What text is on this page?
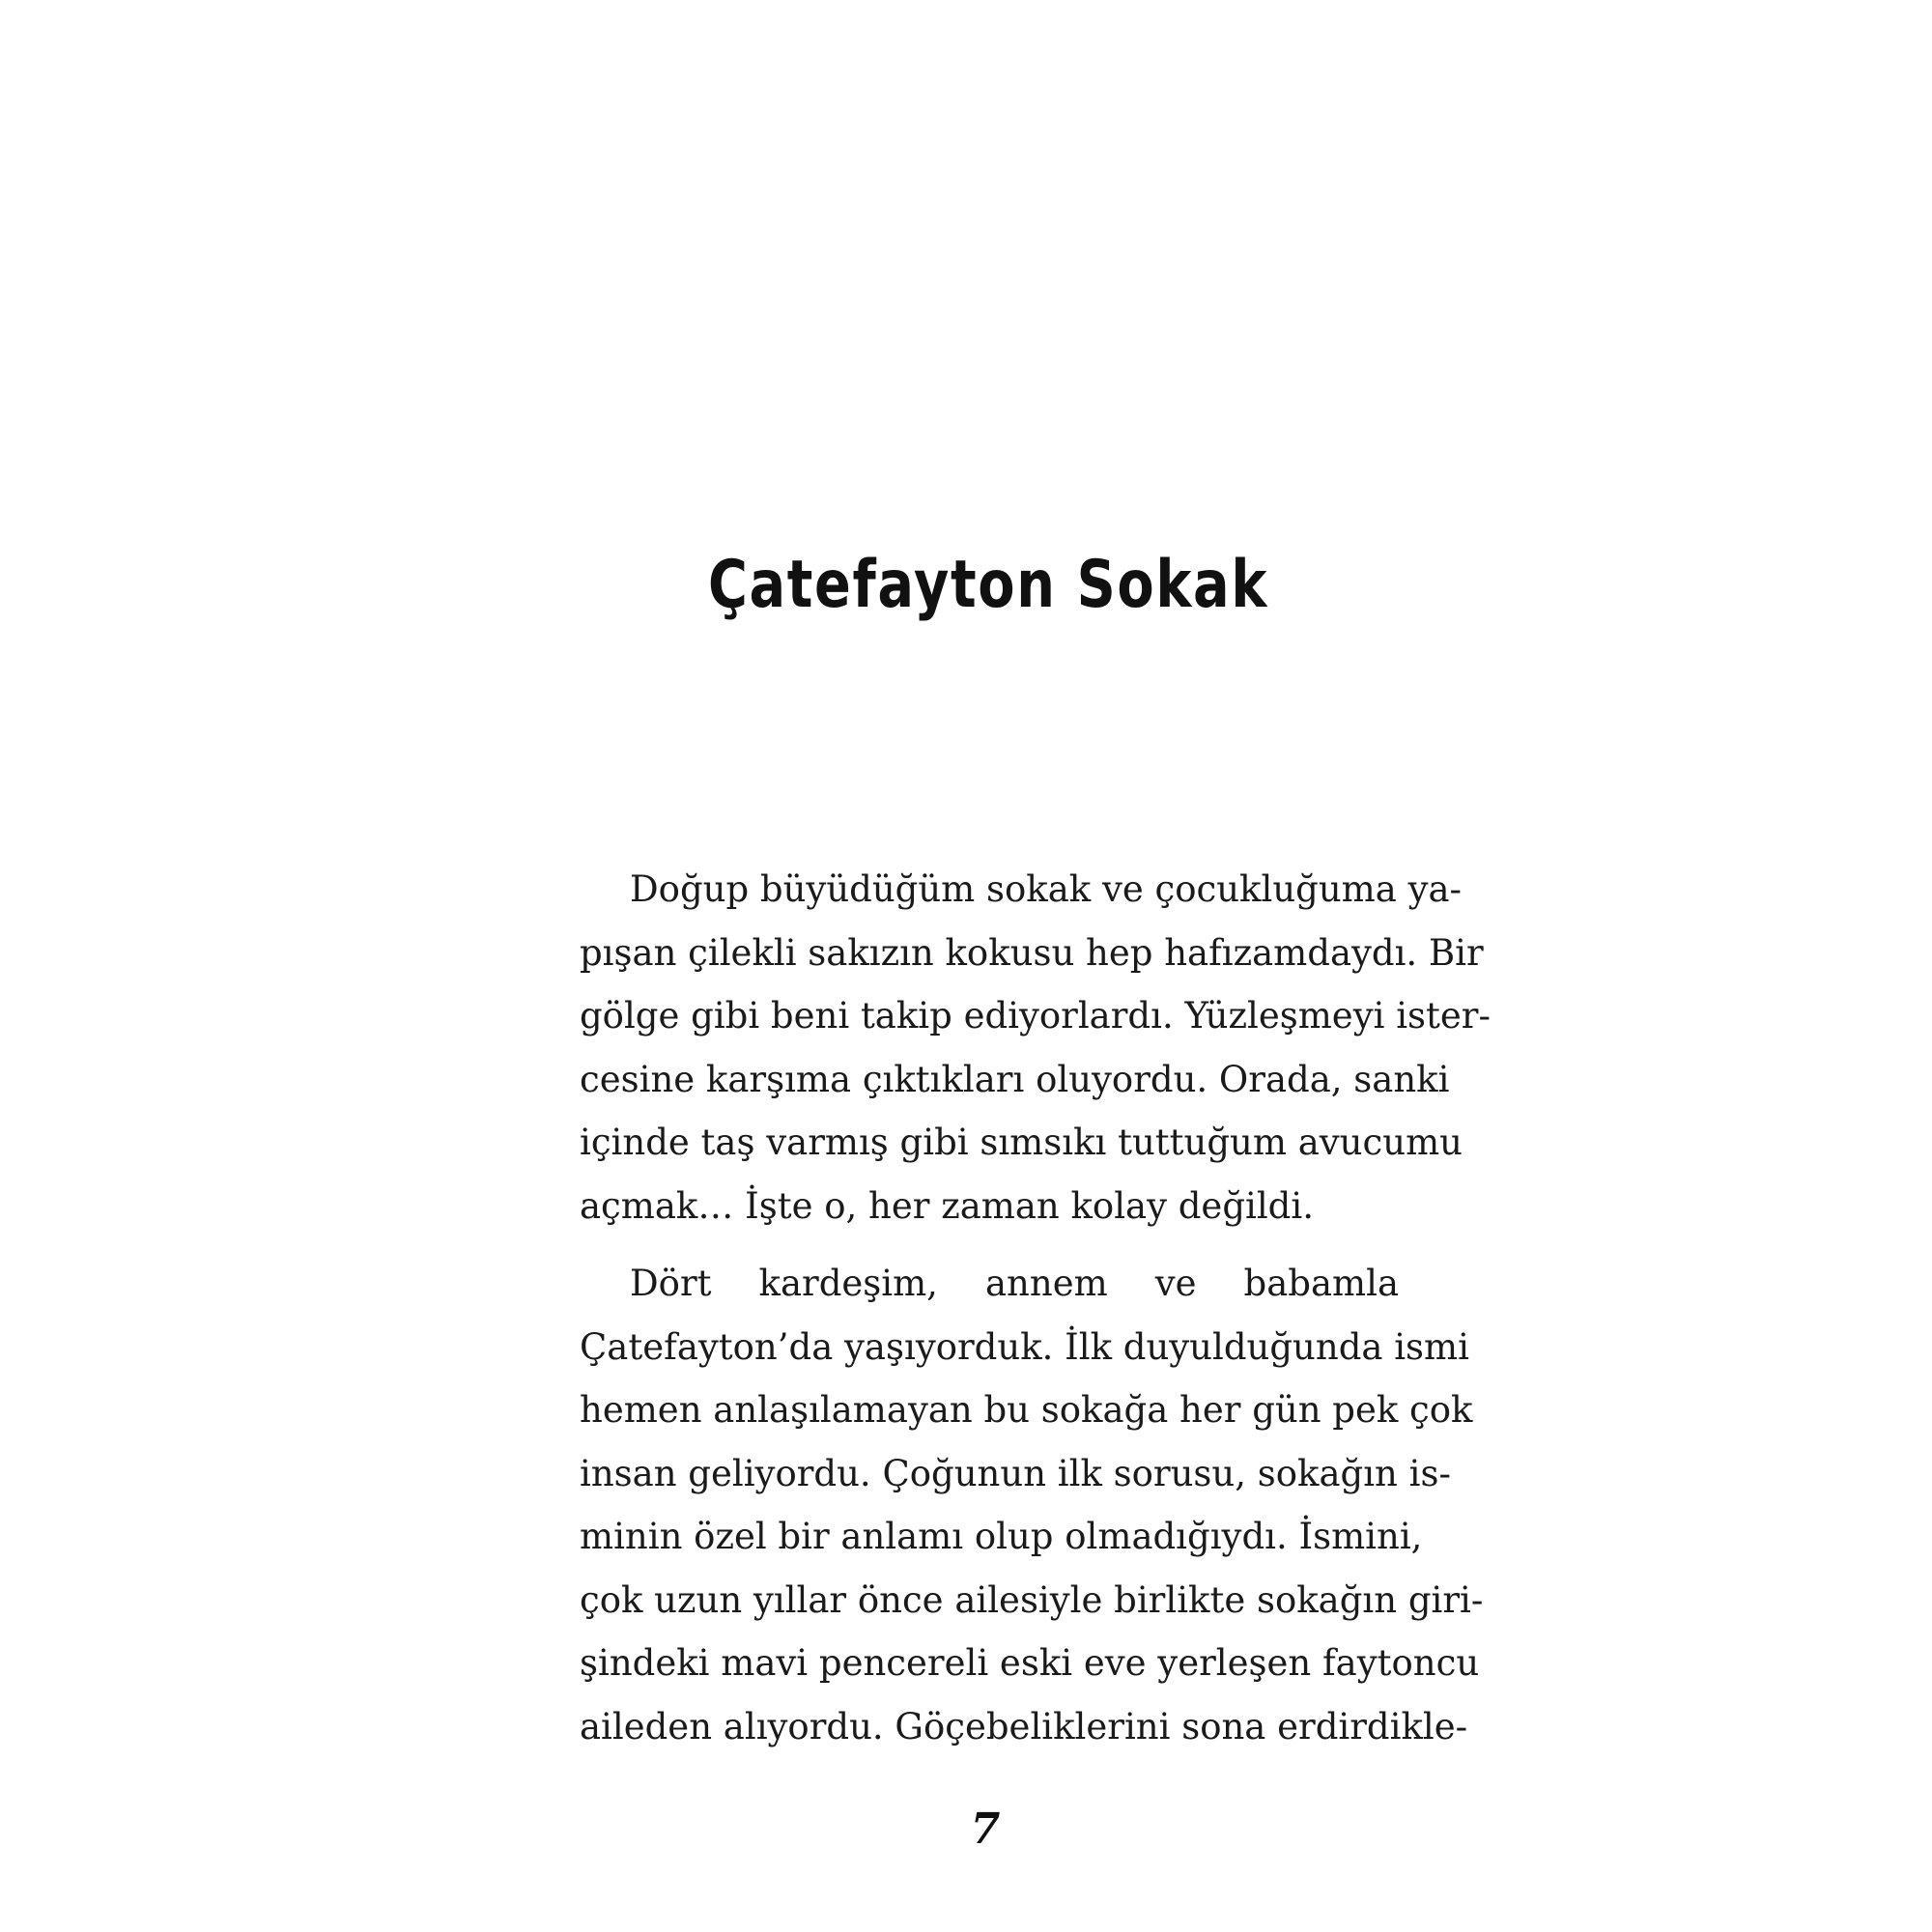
Çatefayton Sokak

Doğup büyüdüğüm sokak ve çocukluğuma ya-
pışan çilekli sakızın kokusu hep hafızamdaydı. Bir
gölge gibi beni takip ediyorlardı. Yüzleşmeyi ister-
cesine karşıma çıktıkları oluyordu. Orada, sanki
içinde taş varmış gibi sımsıkı tuttuğum avucumu
açmak… İşte o, her zaman kolay değildi.

Dört kardeşim, annem ve babamla
Çatefayton’da yaşıyorduk. İlk duyulduğunda ismi
hemen anlaşılamayan bu sokağa her gün pek çok
insan geliyordu. Çoğunun ilk sorusu, sokağın is-
minin özel bir anlamı olup olmadığıydı. İsmini,
çok uzun yıllar önce ailesiyle birlikte sokağın giri-
şindeki mavi pencereli eski eve yerleşen faytoncu
aileden alıyordu. Göçebeliklerini sona erdirdikle-

7
